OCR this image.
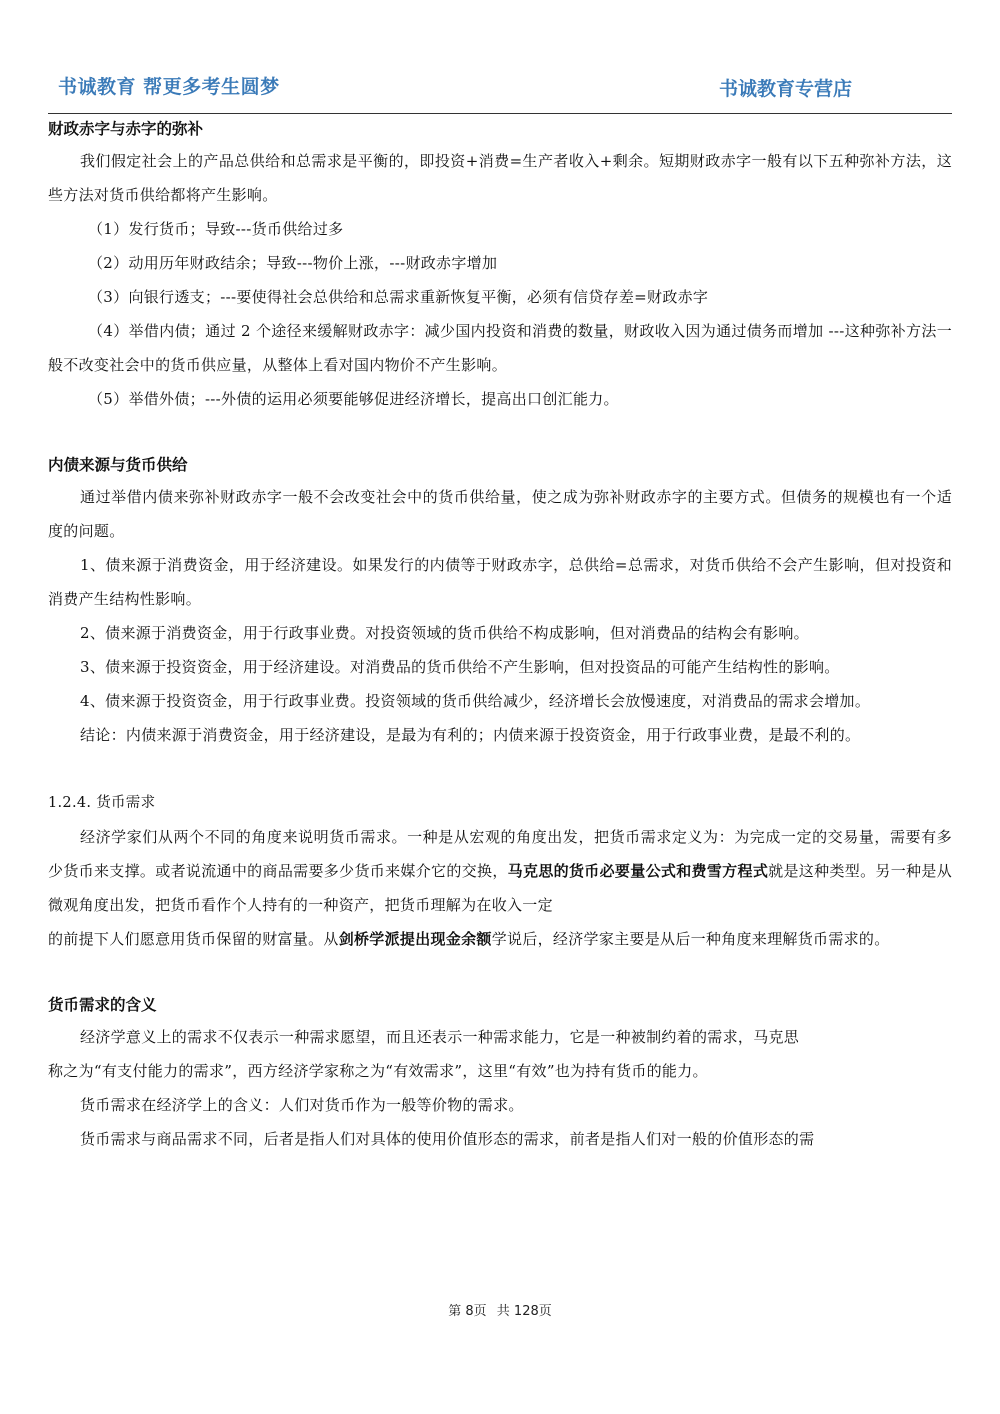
书诚教育 帮更多考生圆梦	书诚教育专营店
财政赤字与赤字的弥补

我们假定社会上的产品总供给和总需求是平衡的，即投资+消费=生产者收入+剩余。短期财政赤字一般有以下五种弥补方法，这些方法对货币供给都将产生影响。

（1）发行货币；导致---货币供给过多

（2）动用历年财政结余；导致---物价上涨，---财政赤字增加

（3）向银行透支；---要使得社会总供给和总需求重新恢复平衡，必须有信贷存差=财政赤字

（4）举借内债；通过 2 个途径来缓解财政赤字：减少国内投资和消费的数量，财政收入因为通过债务而增加 ---这种弥补方法一般不改变社会中的货币供应量，从整体上看对国内物价不产生影响。

（5）举借外债；---外债的运用必须要能够促进经济增长，提高出口创汇能力。

内债来源与货币供给

通过举借内债来弥补财政赤字一般不会改变社会中的货币供给量，使之成为弥补财政赤字的主要方式。但债务的规模也有一个适度的问题。

1、债来源于消费资金，用于经济建设。如果发行的内债等于财政赤字，总供给=总需求，对货币供给不会产生影响，但对投资和消费产生结构性影响。

2、债来源于消费资金，用于行政事业费。对投资领域的货币供给不构成影响，但对消费品的结构会有影响。

3、债来源于投资资金，用于经济建设。对消费品的货币供给不产生影响，但对投资品的可能产生结构性的影响。

4、债来源于投资资金，用于行政事业费。投资领域的货币供给减少，经济增长会放慢速度，对消费品的需求会增加。

结论：内债来源于消费资金，用于经济建设，是最为有利的；内债来源于投资资金，用于行政事业费，是最不利的。

1.2.4. 货币需求

经济学家们从两个不同的角度来说明货币需求。一种是从宏观的角度出发，把货币需求定义为：为完成一定的交易量，需要有多少货币来支撑。或者说流通中的商品需要多少货币来媒介它的交换，马克思的货币必要量公式和费雪方程式就是这种类型。另一种是从微观角度出发，把货币看作个人持有的一种资产，把货币理解为在收入一定

的前提下人们愿意用货币保留的财富量。从剑桥学派提出现金余额学说后，经济学家主要是从后一种角度来理解货币需求的。

货币需求的含义

经济学意义上的需求不仅表示一种需求愿望，而且还表示一种需求能力，它是一种被制约着的需求，马克思

称之为“有支付能力的需求”，西方经济学家称之为“有效需求”，这里“有效”也为持有货币的能力。

货币需求在经济学上的含义：人们对货币作为一般等价物的需求。

货币需求与商品需求不同，后者是指人们对具体的使用价值形态的需求，前者是指人们对一般的价值形态的需

第 8页 共 128页
